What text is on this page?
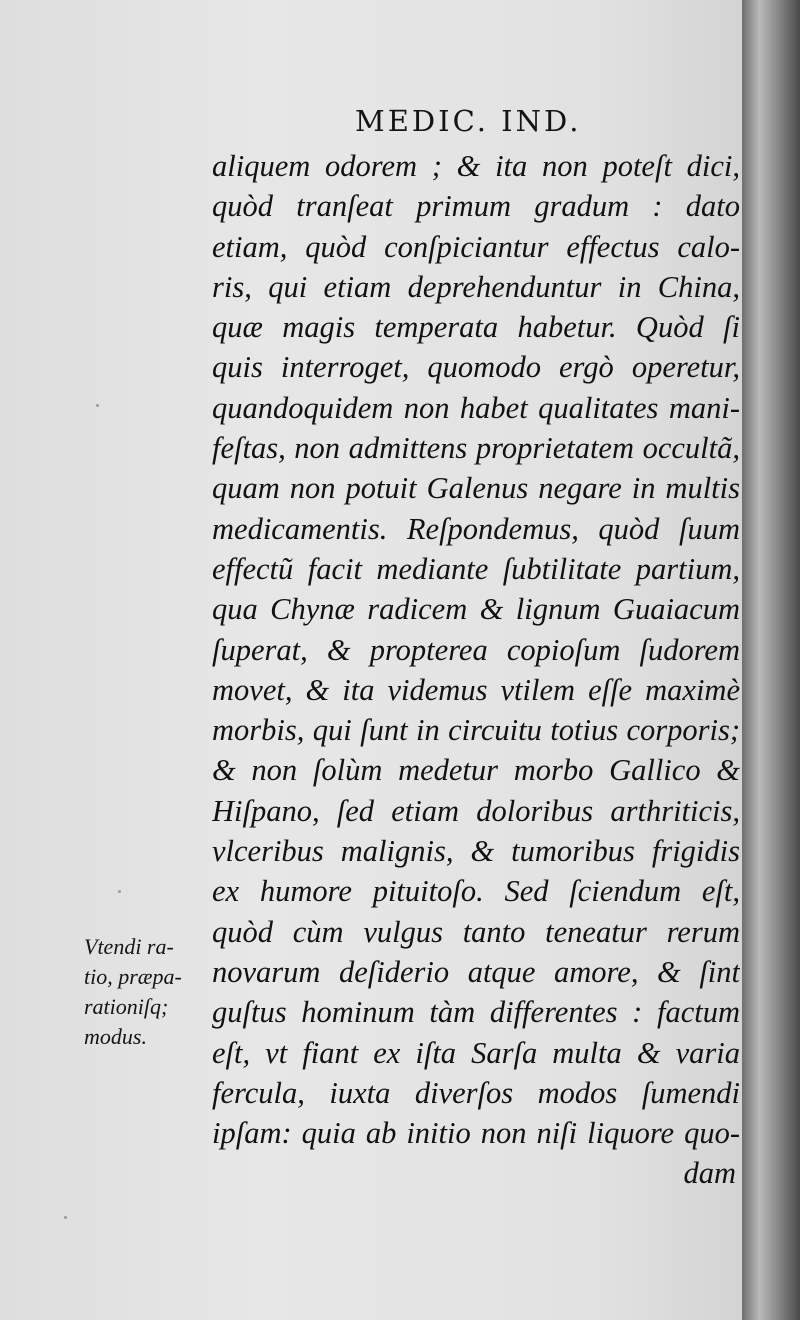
MEDIC. IND.
aliquem odorem ; & ita non poteſt dici,
quòd tranſeat primum gradum : dato
etiam, quòd conſpiciantur effectus calo-
ris, qui etiam deprehenduntur in China,
quæ magis temperata habetur. Quòd ſi
quis interroget, quomodo ergò operetur,
quandoquidem non habet qualitates mani-
feſtas, non admittens proprietatem occultã,
quam non potuit Galenus negare in multis
medicamentis. Reſpondemus, quòd ſuum
effectũ facit mediante ſubtilitate partium,
qua Chynæ radicem & lignum Guaiacum
ſuperat, & propterea copioſum ſudorem
movet, & ita videmus vtilem eſſe maximè
morbis, qui ſunt in circuitu totius corporis;
& non ſolùm medetur morbo Gallico &
Hiſpano, ſed etiam doloribus arthriticis,
vlceribus malignis, & tumoribus frigidis
ex humore pituitoſo. Sed ſciendum eſt,
quòd cùm vulgus tanto teneatur rerum
novarum deſiderio atque amore, & ſint
guſtus hominum tàm differentes : factum
eſt, vt fiant ex iſta Sarſa multa & varia
fercula, iuxta diverſos modos ſumendi
ipſam: quia ab initio non niſi liquore quo-
dam
Vtendi ra-
tio, præpa-
rationiſq;
modus.
